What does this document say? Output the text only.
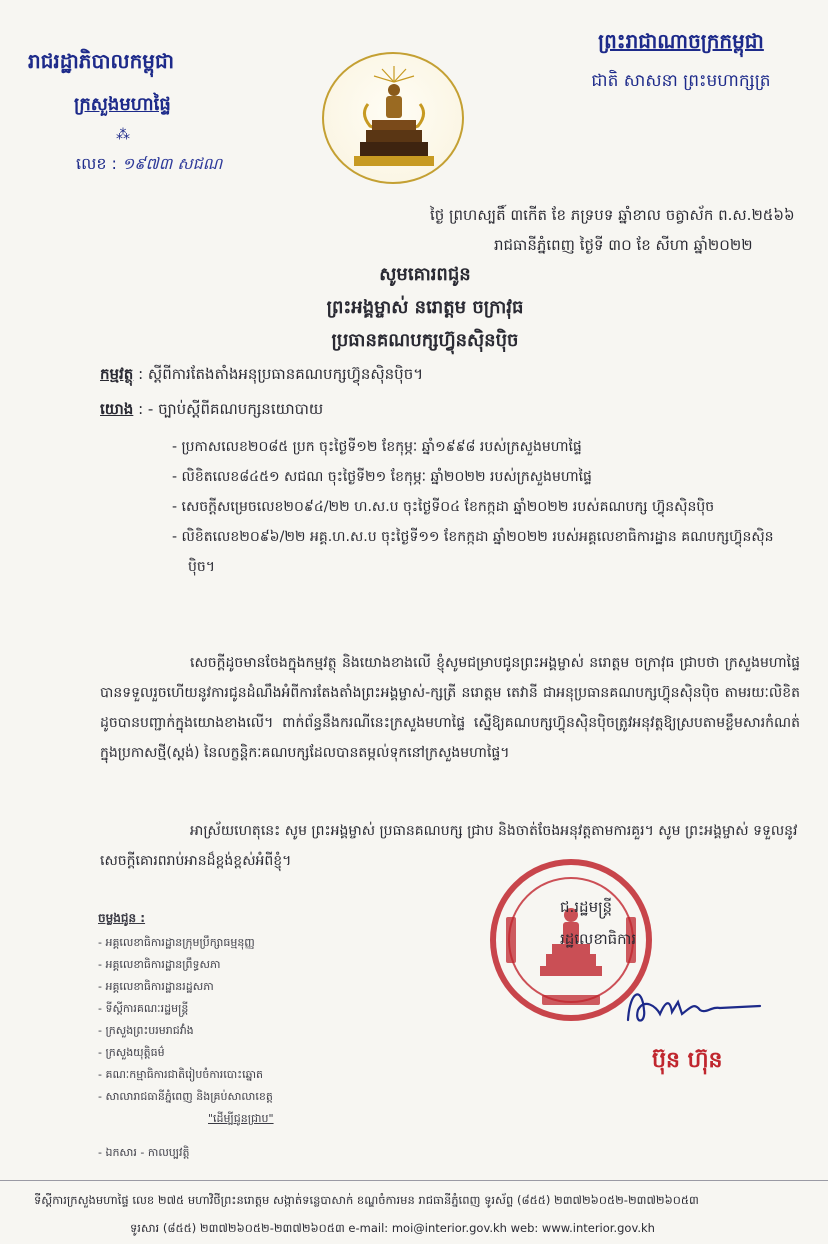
រាជរដ្ឋាភិបាលកម្ពុជា
ក្រសួងមហាផ្ទៃ
⁂
លេខ : ១៩៧៣ សជណ
ព្រះរាជាណាចក្រកម្ពុជា
ជាតិ សាសនា ព្រះមហាក្សត្រ
ថ្ងៃ ព្រហស្បតិ៍ ៣កើត ខែ ភទ្របទ ឆ្នាំខាល ចត្វាស័ក ព.ស.២៥៦៦
រាជធានីភ្នំពេញ ថ្ងៃទី ៣០ ខែ សីហា ឆ្នាំ២០២២
សូមគោរពជូន
ព្រះអង្គម្ចាស់ នរោត្តម ចក្រាវុធ
ប្រធានគណបក្សហ៊្វុនស៊ិនប៉ិច
កម្មវត្ថុ : ស្តីពីការតែងតាំងអនុប្រធានគណបក្សហ៊្វុនស៊ិនប៉ិច។
យោង : - ច្បាប់ស្តីពីគណបក្សនយោបាយ
- ប្រកាសលេខ២០៨៥ ប្រក ចុះថ្ងៃទី១២ ខែកុម្ភៈ ឆ្នាំ១៩៩៨ របស់ក្រសួងមហាផ្ទៃ
- លិខិតលេខ៨៤៥១ សជណ ចុះថ្ងៃទី២១ ខែកុម្ភៈ ឆ្នាំ២០២២ របស់ក្រសួងមហាផ្ទៃ
- សេចក្តីសម្រេចលេខ២០៩៤/២២ ហ.ស.ប ចុះថ្ងៃទី០៤ ខែកក្កដា ឆ្នាំ២០២២ របស់គណបក្ស ហ៊្វុនស៊ិនប៉ិច
- លិខិតលេខ២០៩៦/២២ អគ្គ.ហ.ស.ប ចុះថ្ងៃទី១១ ខែកក្កដា ឆ្នាំ២០២២ របស់អគ្គលេខាធិការដ្ឋាន គណបក្សហ៊្វុនស៊ិនប៉ិច។
សេចក្តីដូចមានចែងក្នុងកម្មវត្ថុ និងយោងខាងលើ ខ្ញុំសូមជម្រាបជូនព្រះអង្គម្ចាស់ នរោត្តម ចក្រាវុធ ជ្រាបថា ក្រសួងមហាផ្ទៃបានទទួលរួចហើយនូវការជូនដំណឹងអំពីការតែងតាំងព្រះអង្គម្ចាស់-ក្សត្រី នរោត្តម តេវានី ជាអនុប្រធានគណបក្សហ៊្វុនស៊ិនប៉ិច តាមរយៈលិខិតដូចបានបញ្ជាក់ក្នុងយោងខាងលើ។ ពាក់ព័ន្ធនឹងករណីនេះក្រសួងមហាផ្ទៃ ស្នើឱ្យគណបក្សហ៊្វុនស៊ិនប៉ិចត្រូវអនុវត្តឱ្យស្របតាមខ្លឹមសារកំណត់ក្នុងប្រកាសថ្មី(ស្តង់) នៃលក្ខន្តិកៈគណបក្សដែលបានតម្កល់ទុកនៅក្រសួងមហាផ្ទៃ។
អាស្រ័យហេតុនេះ សូម ព្រះអង្គម្ចាស់ ប្រធានគណបក្ស ជ្រាប និងចាត់ចែងអនុវត្តតាមការគួរ។ សូម ព្រះអង្គម្ចាស់ ទទួលនូវសេចក្តីគោរពរាប់អានដ៏ខ្ពង់ខ្ពស់អំពីខ្ញុំ។
ជ.រដ្ឋមន្ត្រី
រដ្ឋលេខាធិការ
ប៊ុន ហ៊ុន
ចម្លងជូន :
- អគ្គលេខាធិការដ្ឋានក្រុមប្រឹក្សាធម្មនុញ្ញ
- អគ្គលេខាធិការដ្ឋានព្រឹទ្ធសភា
- អគ្គលេខាធិការដ្ឋានរដ្ឋសភា
- ទីស្តីការគណៈរដ្ឋមន្ត្រី
- ក្រសួងព្រះបរមរាជវាំង
- ក្រសួងយុត្តិធម៌
- គណៈកម្មាធិការជាតិរៀបចំការបោះឆ្នោត
- សាលារាជធានីភ្នំពេញ និងគ្រប់សាលាខេត្ត
"ដើម្បីជូនជ្រាប"
- ឯកសារ - កាលប្បវត្តិ
ទីស្តីការក្រសួងមហាផ្ទៃ លេខ ២៧៥ មហាវិថីព្រះនរោត្តម សង្កាត់ទន្លេបាសាក់ ខណ្ឌចំការមន រាជធានីភ្នំពេញ ទូរស័ព្ទ (៨៥៥) ២៣៧២៦០៥២-២៣៧២៦០៥៣
ទូរសារ (៨៥៥) ២៣៧២៦០៥២-២៣៧២៦០៥៣ e-mail: moi@interior.gov.kh web: www.interior.gov.kh
